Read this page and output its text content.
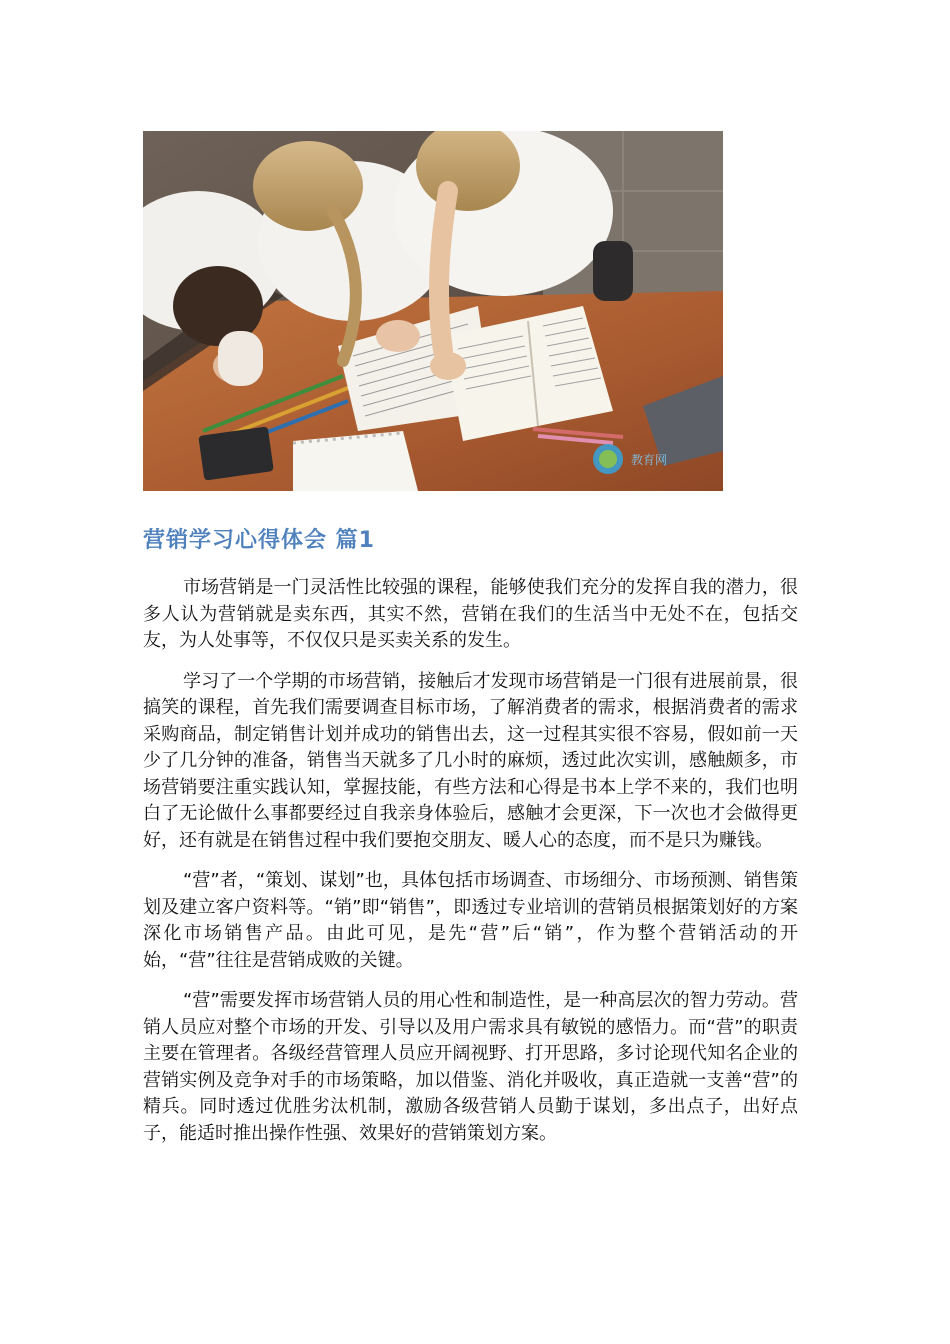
教育网
营销学习心得体会 篇1

市场营销是一门灵活性比较强的课程，能够使我们充分的发挥自我的潜力，很多人认为营销就是卖东西，其实不然，营销在我们的生活当中无处不在，包括交友，为人处事等，不仅仅只是买卖关系的发生。

学习了一个学期的市场营销，接触后才发现市场营销是一门很有进展前景，很搞笑的课程，首先我们需要调查目标市场，了解消费者的需求，根据消费者的需求采购商品，制定销售计划并成功的销售出去，这一过程其实很不容易，假如前一天少了几分钟的准备，销售当天就多了几小时的麻烦，透过此次实训，感触颇多，市场营销要注重实践认知，掌握技能，有些方法和心得是书本上学不来的，我们也明白了无论做什么事都要经过自我亲身体验后，感触才会更深，下一次也才会做得更好，还有就是在销售过程中我们要抱交朋友、暖人心的态度，而不是只为赚钱。

“营”者，“策划、谋划”也，具体包括市场调查、市场细分、市场预测、销售策划及建立客户资料等。“销”即“销售”，即透过专业培训的营销员根据策划好的方案深化市场销售产品。由此可见，是先“营”后“销”，作为整个营销活动的开始，“营”往往是营销成败的关键。

“营”需要发挥市场营销人员的用心性和制造性，是一种高层次的智力劳动。营销人员应对整个市场的开发、引导以及用户需求具有敏锐的感悟力。而“营”的职责主要在管理者。各级经营管理人员应开阔视野、打开思路，多讨论现代知名企业的营销实例及竞争对手的市场策略，加以借鉴、消化并吸收，真正造就一支善“营”的精兵。同时透过优胜劣汰机制，激励各级营销人员勤于谋划，多出点子，出好点子，能适时推出操作性强、效果好的营销策划方案。
